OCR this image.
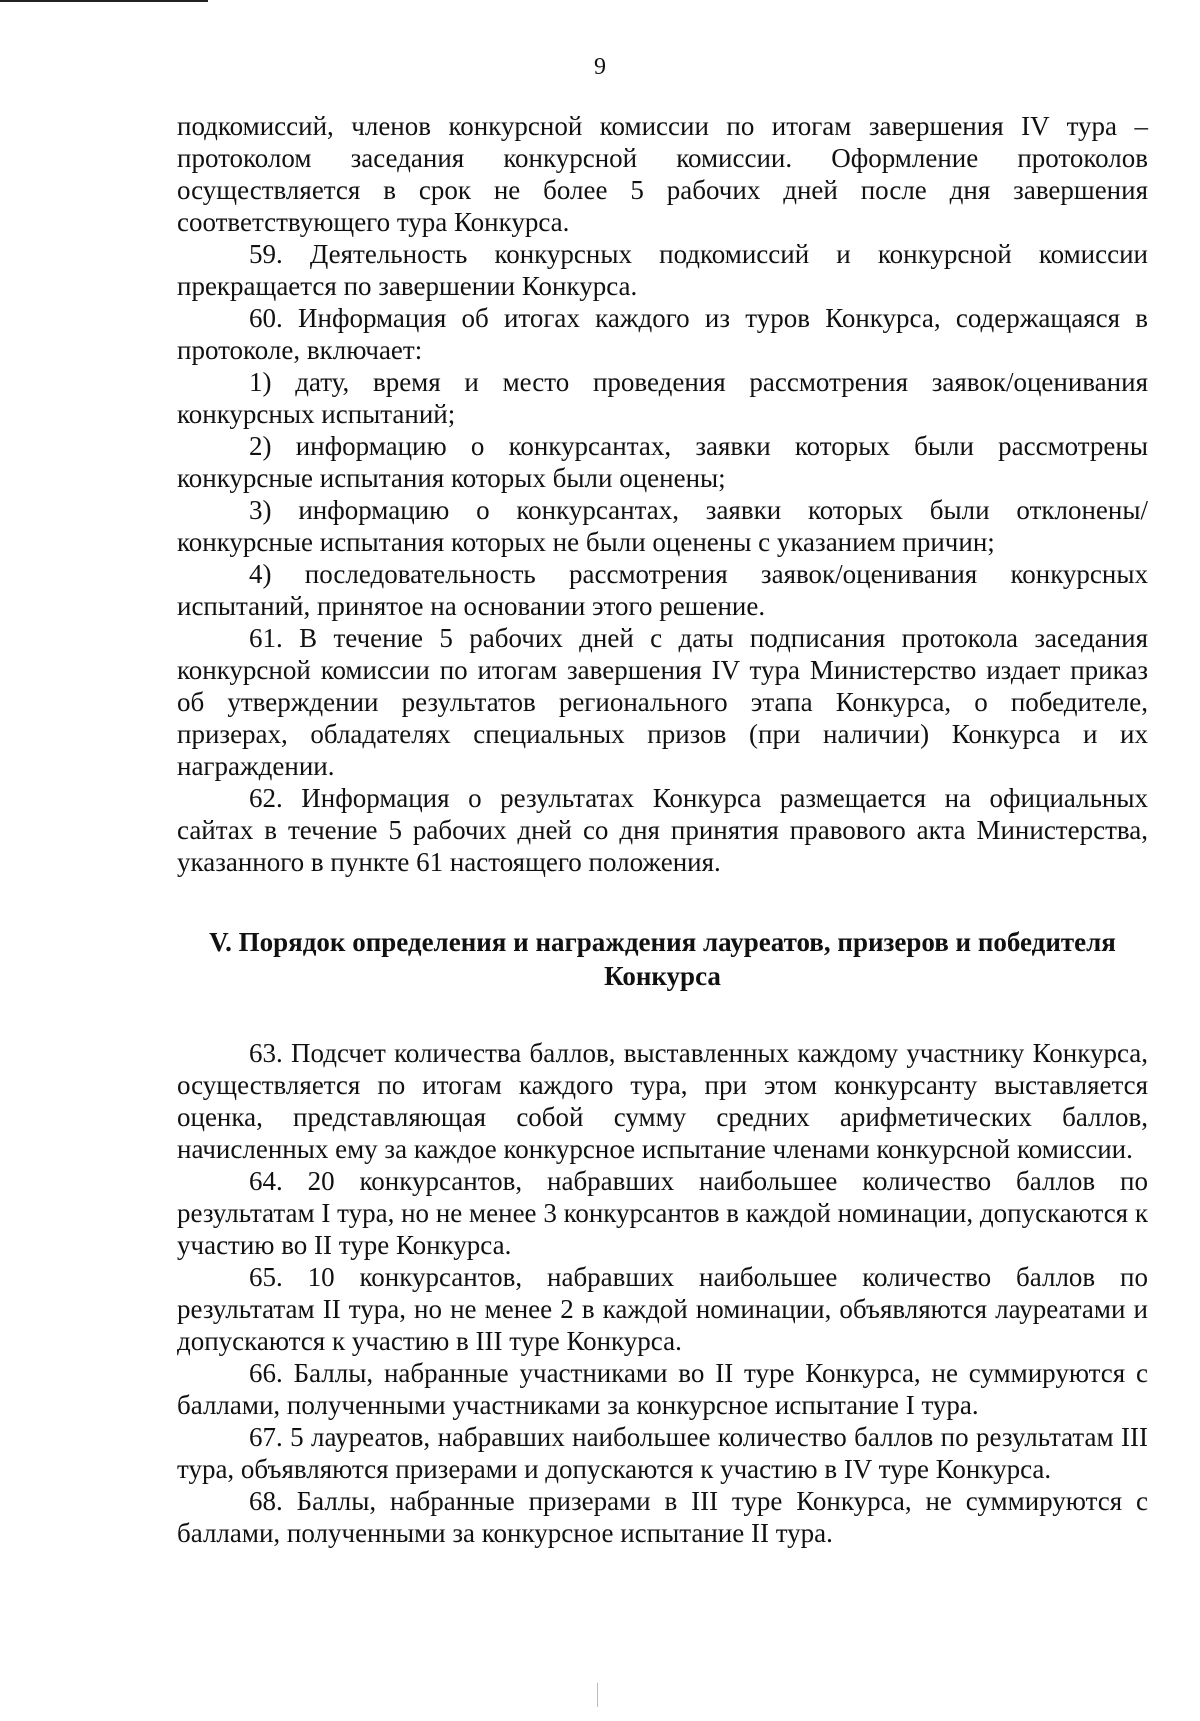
9

подкомиссий, членов конкурсной комиссии по итогам завершения IV тура – протоколом заседания конкурсной комиссии. Оформление протоколов осуществляется в срок не более 5 рабочих дней после дня завершения соответствующего тура Конкурса.

59. Деятельность конкурсных подкомиссий и конкурсной комиссии прекращается по завершении Конкурса.

60. Информация об итогах каждого из туров Конкурса, содержащаяся в протоколе, включает:

1) дату, время и место проведения рассмотрения заявок/оценивания конкурсных испытаний;

2) информацию о конкурсантах, заявки которых были рассмотрены конкурсные испытания которых были оценены;

3) информацию о конкурсантах, заявки которых были отклонены/ конкурсные испытания которых не были оценены с указанием причин;

4) последовательность рассмотрения заявок/оценивания конкурсных испытаний, принятое на основании этого решение.

61. В течение 5 рабочих дней с даты подписания протокола заседания конкурсной комиссии по итогам завершения IV тура Министерство издает приказ об утверждении результатов регионального этапа Конкурса, о победителе, призерах, обладателях специальных призов (при наличии) Конкурса и их награждении.

62. Информация о результатах Конкурса размещается на официальных сайтах в течение 5 рабочих дней со дня принятия правового акта Министерства, указанного в пункте 61 настоящего положения.

V. Порядок определения и награждения лауреатов, призеров и победителя
Конкурса

63. Подсчет количества баллов, выставленных каждому участнику Конкурса, осуществляется по итогам каждого тура, при этом конкурсанту выставляется оценка, представляющая собой сумму средних арифметических баллов, начисленных ему за каждое конкурсное испытание членами конкурсной комиссии.

64. 20 конкурсантов, набравших наибольшее количество баллов по результатам I тура, но не менее 3 конкурсантов в каждой номинации, допускаются к участию во II туре Конкурса.

65. 10 конкурсантов, набравших наибольшее количество баллов по результатам II тура, но не менее 2 в каждой номинации, объявляются лауреатами и допускаются к участию в III туре Конкурса.

66. Баллы, набранные участниками во II туре Конкурса, не суммируются с баллами, полученными участниками за конкурсное испытание I тура.

67. 5 лауреатов, набравших наибольшее количество баллов по результатам III тура, объявляются призерами и допускаются к участию в IV туре Конкурса.

68. Баллы, набранные призерами в III туре Конкурса, не суммируются с баллами, полученными за конкурсное испытание II тура.
